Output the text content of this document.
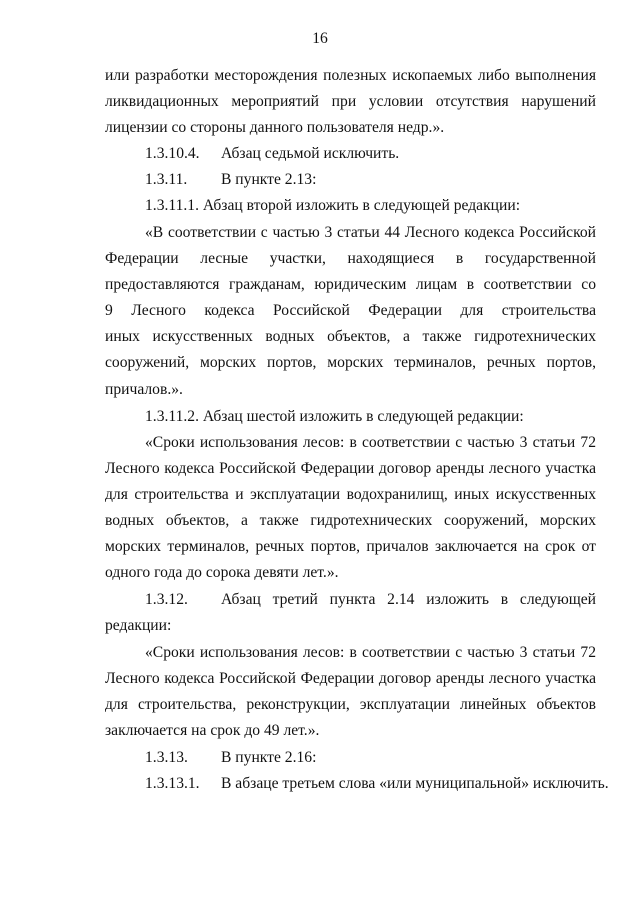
16
или разработки месторождения полезных ископаемых либо выполнения
ликвидационных мероприятий при условии отсутствия нарушений
лицензии со стороны данного пользователя недр.».
1.3.10.4. Абзац седьмой исключить.
1.3.11. В пункте 2.13:
1.3.11.1. Абзац второй изложить в следующей редакции:
«В соответствии с частью 3 статьи 44 Лесного кодекса Российской
Федерации лесные участки, находящиеся в государственной
предоставляются гражданам, юридическим лицам в соответствии со
9 Лесного кодекса Российской Федерации для строительства
иных искусственных водных объектов, а также гидротехнических
сооружений, морских портов, морских терминалов, речных портов,
причалов.».
1.3.11.2. Абзац шестой изложить в следующей редакции:
«Сроки использования лесов: в соответствии с частью 3 статьи 72
Лесного кодекса Российской Федерации договор аренды лесного участка
для строительства и эксплуатации водохранилищ, иных искусственных
водных объектов, а также гидротехнических сооружений, морских
морских терминалов, речных портов, причалов заключается на срок от
одного года до сорока девяти лет.».
1.3.12.	Абзац третий пункта 2.14 изложить в следующей
редакции:
«Сроки использования лесов: в соответствии с частью 3 статьи 72
Лесного кодекса Российской Федерации договор аренды лесного участка
для строительства, реконструкции, эксплуатации линейных объектов
заключается на срок до 49 лет.».
1.3.13. В пункте 2.16:
1.3.13.1. В абзаце третьем слова «или муниципальной» исключить.
